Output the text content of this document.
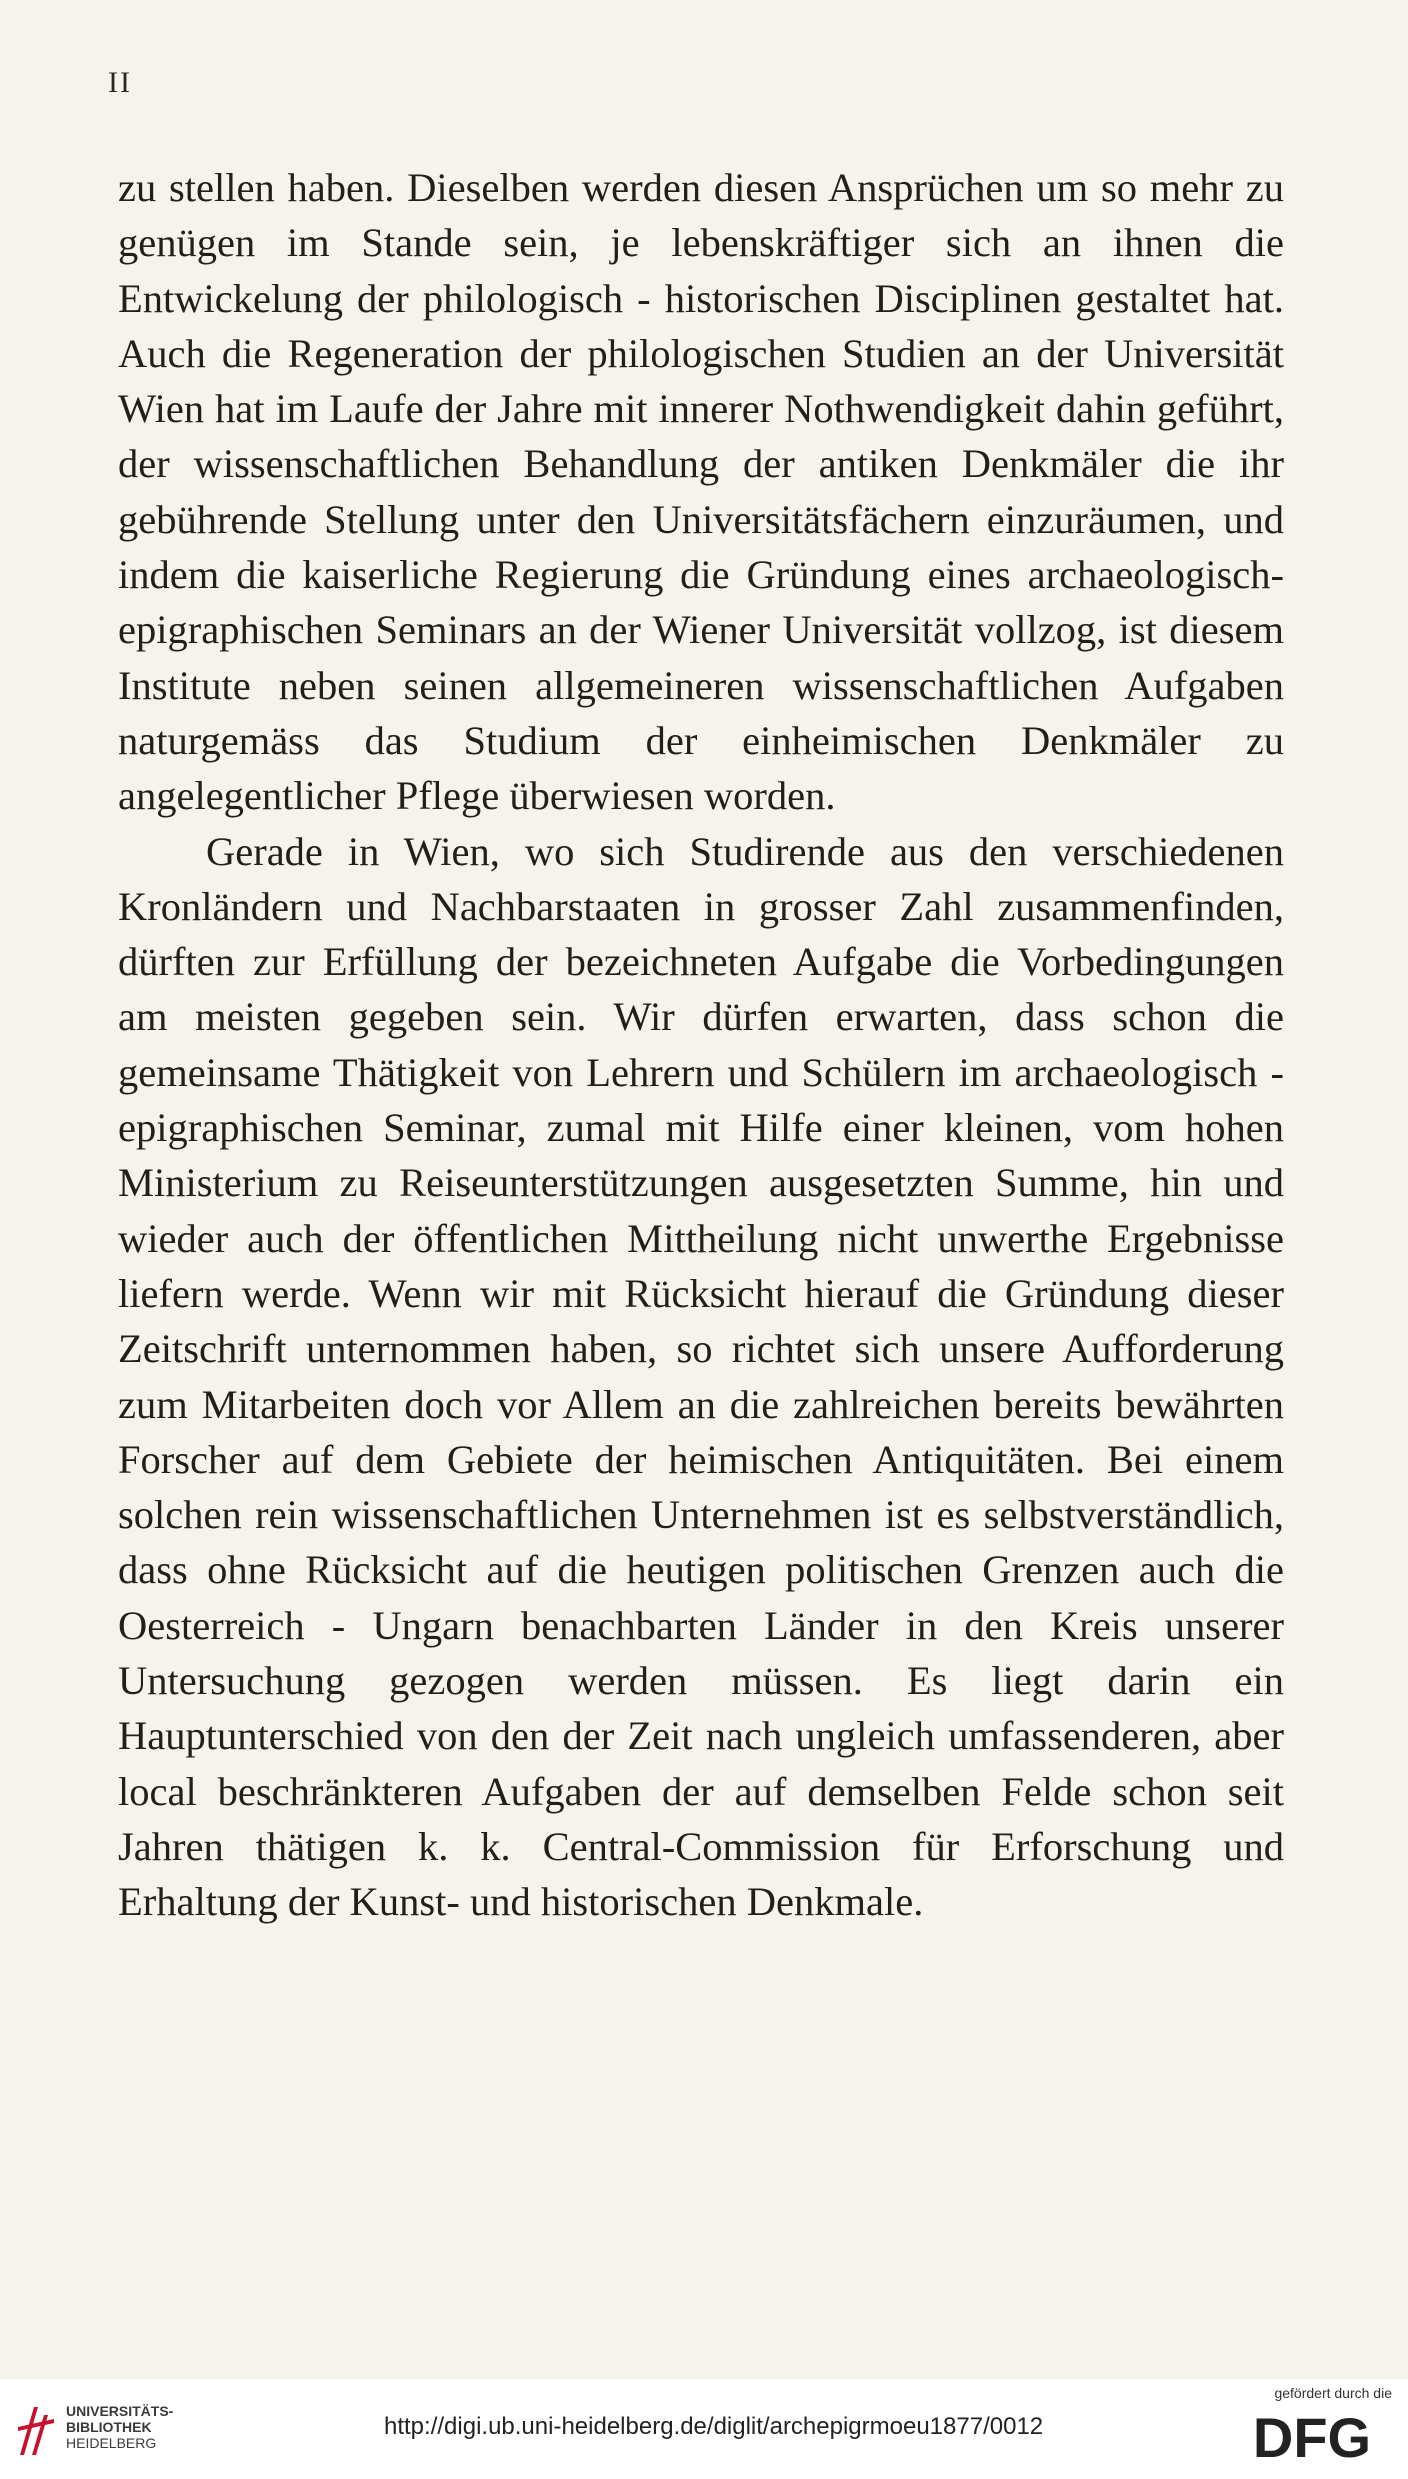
II

zu stellen haben. Dieselben werden diesen Ansprüchen um so mehr zu genügen im Stande sein, je lebenskräftiger sich an ihnen die Entwickelung der philologisch - historischen Disciplinen gestaltet hat. Auch die Regeneration der philologischen Studien an der Universität Wien hat im Laufe der Jahre mit innerer Nothwendigkeit dahin geführt, der wissenschaftlichen Behandlung der antiken Denkmäler die ihr gebührende Stellung unter den Universitätsfächern einzuräumen, und indem die kaiserliche Regierung die Gründung eines archaeologisch-epigraphischen Seminars an der Wiener Universität vollzog, ist diesem Institute neben seinen allgemeineren wissenschaftlichen Aufgaben naturgemäss das Studium der einheimischen Denkmäler zu angelegentlicher Pflege überwiesen worden.

Gerade in Wien, wo sich Studirende aus den verschiedenen Kronländern und Nachbarstaaten in grosser Zahl zusammenfinden, dürften zur Erfüllung der bezeichneten Aufgabe die Vorbedingungen am meisten gegeben sein. Wir dürfen erwarten, dass schon die gemeinsame Thätigkeit von Lehrern und Schülern im archaeologisch - epigraphischen Seminar, zumal mit Hilfe einer kleinen, vom hohen Ministerium zu Reiseunterstützungen ausgesetzten Summe, hin und wieder auch der öffentlichen Mittheilung nicht unwerthe Ergebnisse liefern werde. Wenn wir mit Rücksicht hierauf die Gründung dieser Zeitschrift unternommen haben, so richtet sich unsere Aufforderung zum Mitarbeiten doch vor Allem an die zahlreichen bereits bewährten Forscher auf dem Gebiete der heimischen Antiquitäten. Bei einem solchen rein wissenschaftlichen Unternehmen ist es selbstverständlich, dass ohne Rücksicht auf die heutigen politischen Grenzen auch die Oesterreich - Ungarn benachbarten Länder in den Kreis unserer Untersuchung gezogen werden müssen. Es liegt darin ein Hauptunterschied von den der Zeit nach ungleich umfassenderen, aber local beschränkteren Aufgaben der auf demselben Felde schon seit Jahren thätigen k. k. Central-Commission für Erforschung und Erhaltung der Kunst- und historischen Denkmale.

UNIVERSITÄTS-
BIBLIOTHEK
HEIDELBERG
http://digi.ub.uni-heidelberg.de/diglit/archepigrmoeu1877/0012
gefördert durch die
DFG
